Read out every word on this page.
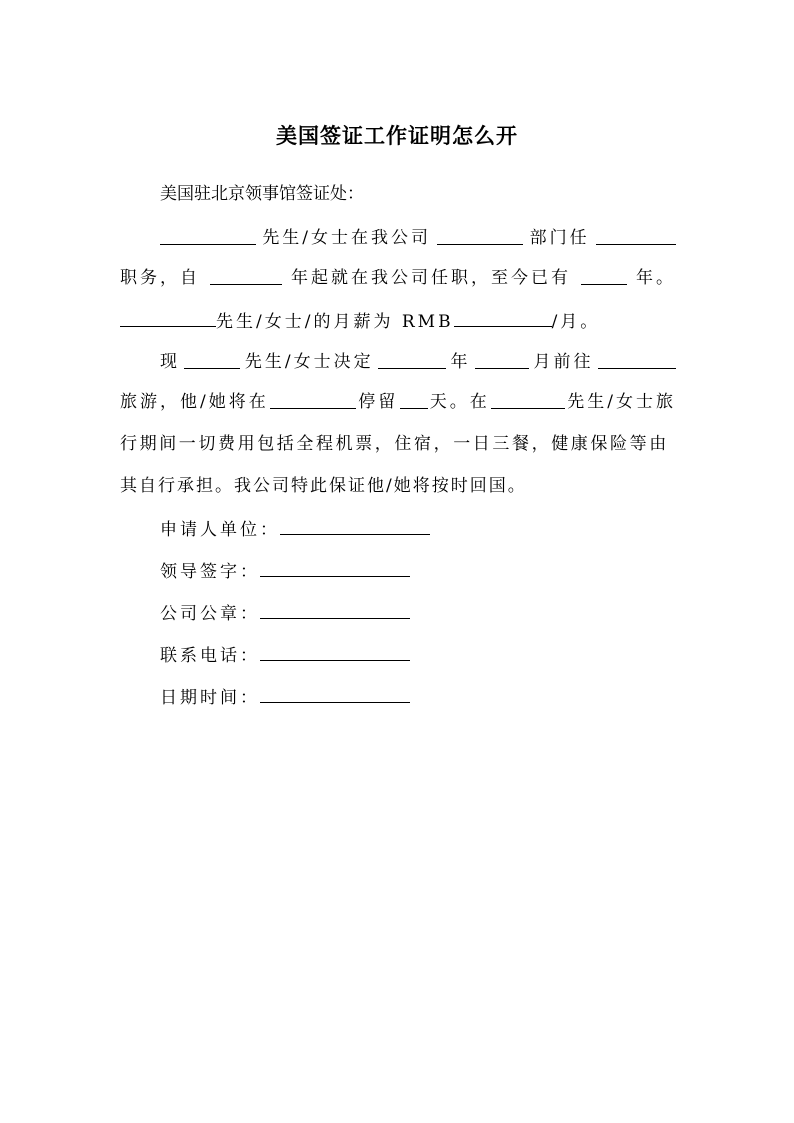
美国签证工作证明怎么开
美国驻北京领事馆签证处：
先生/女士在我公司	部门任
职务，自	年起就在我公司任职，至今已有	年。
先生/女士/的月薪为 RMB	/月。
现	先生/女士决定	年	月前往
旅游，他/她将在	停留 天。在	先生/女士旅
行期间一切费用包括全程机票，住宿，一日三餐，健康保险等由
其自行承担。我公司特此保证他/她将按时回国。
申请人单位：
领导签字：
公司公章：
联系电话：
日期时间：
